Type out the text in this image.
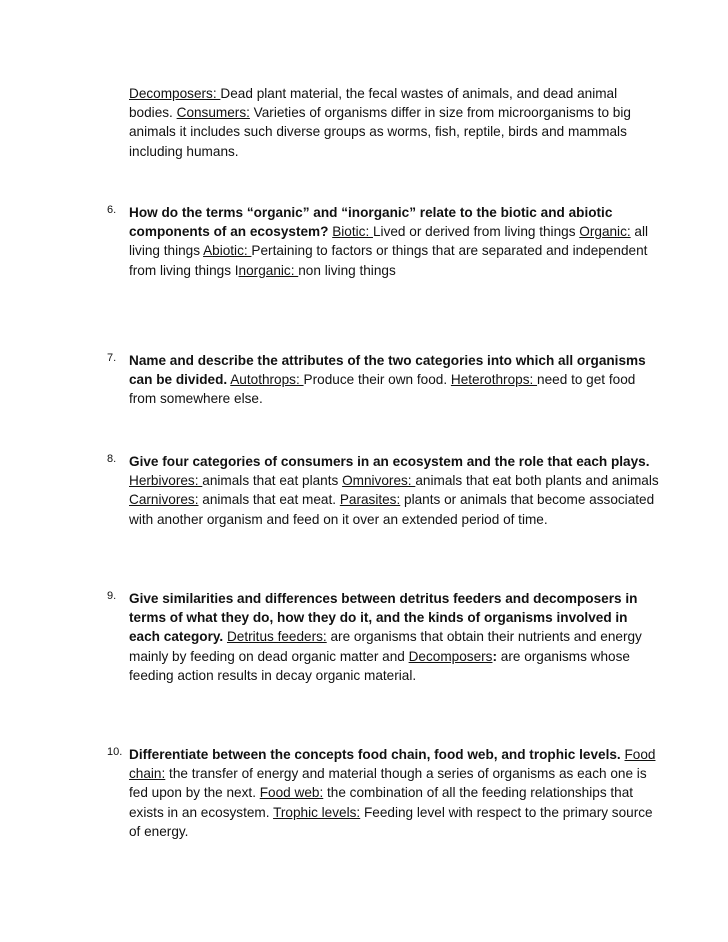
Decomposers: Dead plant material, the fecal wastes of animals, and dead animal bodies. Consumers: Varieties of organisms differ in size from microorganisms to big animals it includes such diverse groups as worms, fish, reptile, birds and mammals including humans.
6. How do the terms “organic” and “inorganic” relate to the biotic and abiotic components of an ecosystem? Biotic: Lived or derived from living things Organic: all living things Abiotic: Pertaining to factors or things that are separated and independent from living things Inorganic: non living things
7. Name and describe the attributes of the two categories into which all organisms can be divided. Autothrops: Produce their own food. Heterothrops: need to get food from somewhere else.
8. Give four categories of consumers in an ecosystem and the role that each plays. Herbivores: animals that eat plants Omnivores: animals that eat both plants and animals Carnivores: animals that eat meat. Parasites: plants or animals that become associated with another organism and feed on it over an extended period of time.
9. Give similarities and differences between detritus feeders and decomposers in terms of what they do, how they do it, and the kinds of organisms involved in each category. Detritus feeders: are organisms that obtain their nutrients and energy mainly by feeding on dead organic matter and Decomposers: are organisms whose feeding action results in decay organic material.
10. Differentiate between the concepts food chain, food web, and trophic levels. Food chain: the transfer of energy and material though a series of organisms as each one is fed upon by the next. Food web: the combination of all the feeding relationships that exists in an ecosystem. Trophic levels: Feeding level with respect to the primary source of energy.
